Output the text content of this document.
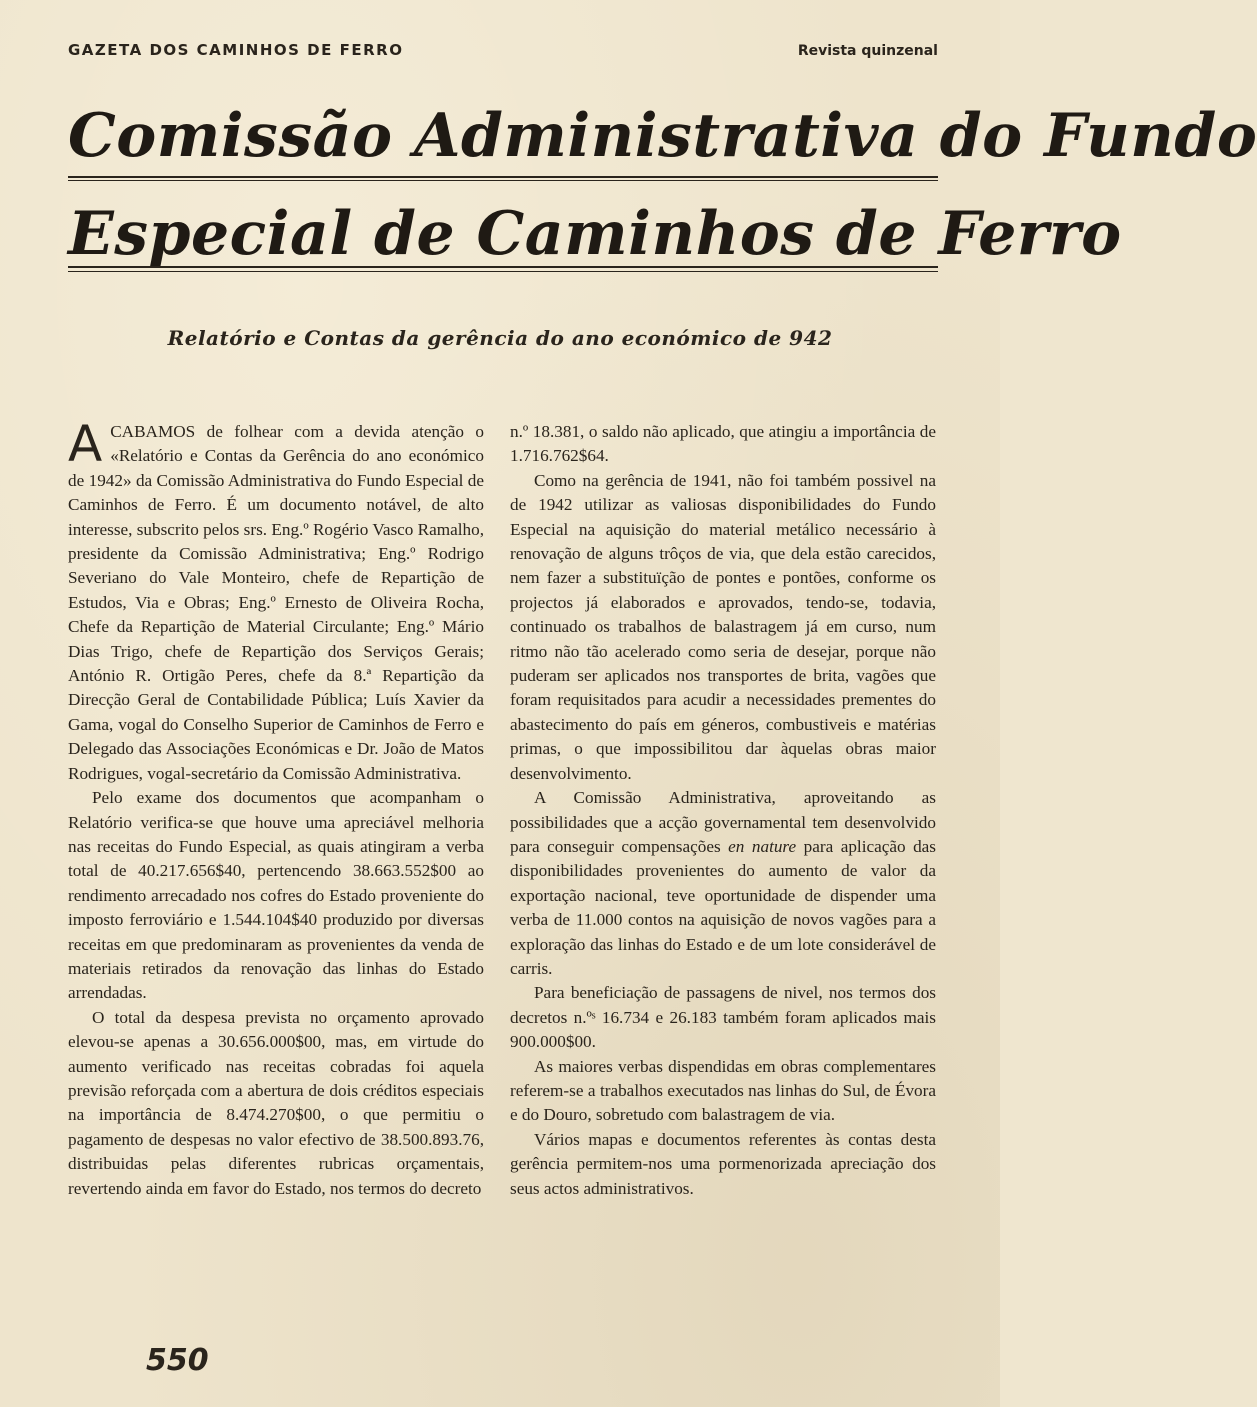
GAZETA DOS CAMINHOS DE FERRO	Revista quinzenal
Comissão Administrativa do Fundo
Especial de Caminhos de Ferro
Relatório e Contas da gerência do ano económico de 942

ACABAMOS de folhear com a devida atenção o «Relatório e Contas da Gerência do ano económico de 1942» da Comissão Administrativa do Fundo Especial de Caminhos de Ferro. É um documento notável, de alto interesse, subscrito pelos srs. Eng.º Rogério Vasco Ramalho, presidente da Comissão Administrativa; Eng.º Rodrigo Severiano do Vale Monteiro, chefe de Repartição de Estudos, Via e Obras; Eng.º Ernesto de Oliveira Rocha, Chefe da Repartição de Material Circulante; Eng.º Mário Dias Trigo, chefe de Repartição dos Serviços Gerais; António R. Ortigão Peres, chefe da 8.ª Repartição da Direcção Geral de Contabilidade Pública; Luís Xavier da Gama, vogal do Conselho Superior de Caminhos de Ferro e Delegado das Associações Económicas e Dr. João de Matos Rodrigues, vogal-secretário da Comissão Administrativa.

Pelo exame dos documentos que acompanham o Relatório verifica-se que houve uma apreciável melhoria nas receitas do Fundo Especial, as quais atingiram a verba total de 40.217.656$40, pertencendo 38.663.552$00 ao rendimento arrecadado nos cofres do Estado proveniente do imposto ferroviário e 1.544.104$40 produzido por diversas receitas em que predominaram as provenientes da venda de materiais retirados da renovação das linhas do Estado arrendadas.

O total da despesa prevista no orçamento aprovado elevou-se apenas a 30.656.000$00, mas, em virtude do aumento verificado nas receitas cobradas foi aquela previsão reforçada com a abertura de dois créditos especiais na importância de 8.474.270$00, o que permitiu o pagamento de despesas no valor efectivo de 38.500.893.76, distribuidas pelas diferentes rubricas orçamentais, revertendo ainda em favor do Estado, nos termos do decreto

n.º 18.381, o saldo não aplicado, que atingiu a importância de 1.716.762$64.

Como na gerência de 1941, não foi também possivel na de 1942 utilizar as valiosas disponibilidades do Fundo Especial na aquisição do material metálico necessário à renovação de alguns trôços de via, que dela estão carecidos, nem fazer a substituïção de pontes e pontões, conforme os projectos já elaborados e aprovados, tendo-se, todavia, continuado os trabalhos de balastragem já em curso, num ritmo não tão acelerado como seria de desejar, porque não puderam ser aplicados nos transportes de brita, vagões que foram requisitados para acudir a necessidades prementes do abastecimento do país em géneros, combustiveis e matérias primas, o que impossibilitou dar àquelas obras maior desenvolvimento.

A Comissão Administrativa, aproveitando as possibilidades que a acção governamental tem desenvolvido para conseguir compensações en nature para aplicação das disponibilidades provenientes do aumento de valor da exportação nacional, teve oportunidade de dispender uma verba de 11.000 contos na aquisição de novos vagões para a exploração das linhas do Estado e de um lote considerável de carris.

Para beneficiação de passagens de nivel, nos termos dos decretos n.ºˢ 16.734 e 26.183 também foram aplicados mais 900.000$00.

As maiores verbas dispendidas em obras complementares referem-se a trabalhos executados nas linhas do Sul, de Évora e do Douro, sobretudo com balastragem de via.

Vários mapas e documentos referentes às contas desta gerência permitem-nos uma pormenorizada apreciação dos seus actos administrativos.

550
